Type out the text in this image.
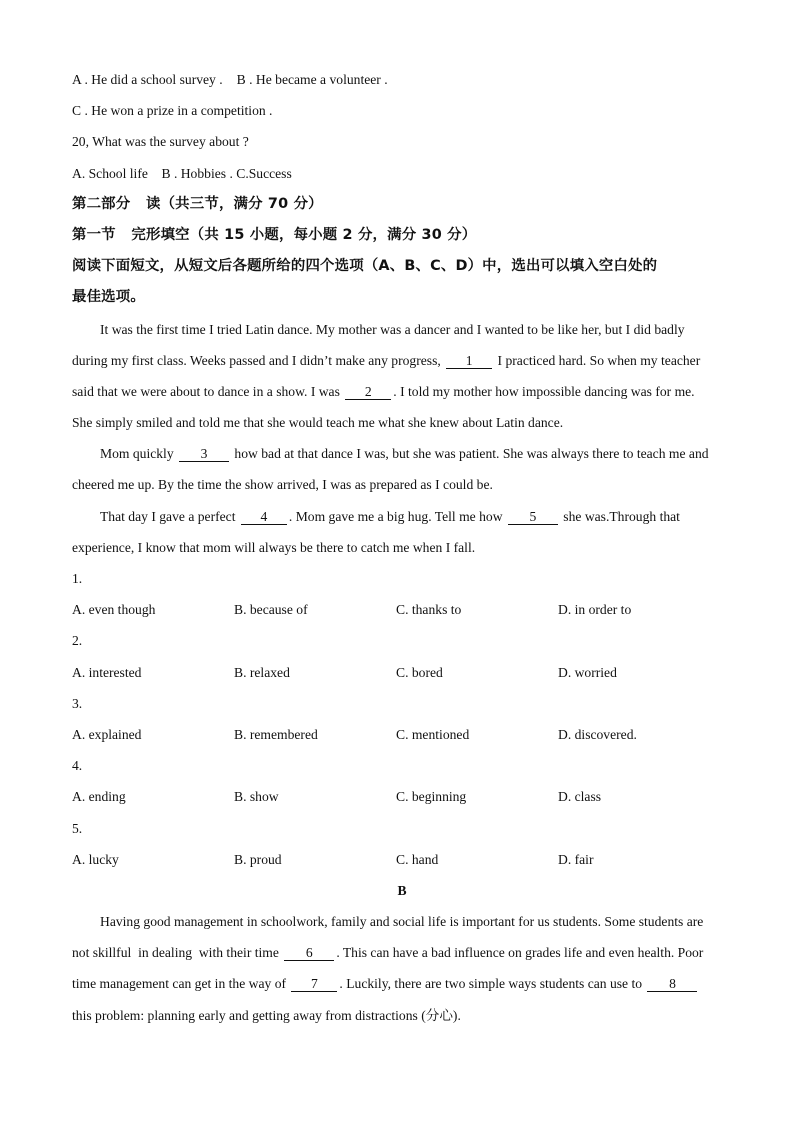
A . He did a school survey . B . He became a volunteer .
C . He won a prize in a competition .
20, What was the survey about ?
A. School life    B . Hobbies . C.Success
第二部分   读（共三节，满分 70 分）
第一节   完形填空（共 15 小题，每小题 2 分，满分 30 分）
阅读下面短文，从短文后各题所给的四个选项（A、B、C、D）中，选出可以填入空白处的
最佳选项。
It was the first time I tried Latin dance. My mother was a dancer and I wanted to be like her, but I did badly
during my first class. Weeks passed and I didn’t make any progress, 1 I practiced hard. So when my teacher
said that we were about to dance in a show. I was 2 . I told my mother how impossible dancing was for me.
She simply smiled and told me that she would teach me what she knew about Latin dance.
Mom quickly 3 how bad at that dance I was, but she was patient. She was always there to teach me and
cheered me up. By the time the show arrived, I was as prepared as I could be.
That day I gave a perfect 4 . Mom gave me a big hug. Tell me how 5 she was.Through that
experience, I know that mom will always be there to catch me when I fall.
1.
A. even though	B. because of	C. thanks to	D. in order to
2.
A. interested	B. relaxed	C. bored	D. worried
3.
A. explained	B. remembered	C. mentioned	D. discovered.
4.
A. ending	B. show	C. beginning	D. class
5.
A. lucky	B. proud	C. hand	D. fair
B
Having good management in schoolwork, family and social life is important for us students. Some students are
not skillful  in dealing  with their time 6 . This can have a bad influence on grades life and even health. Poor
time management can get in the way of 7 . Luckily, there are two simple ways students can use to 8
this problem: planning early and getting away from distractions (分心).
